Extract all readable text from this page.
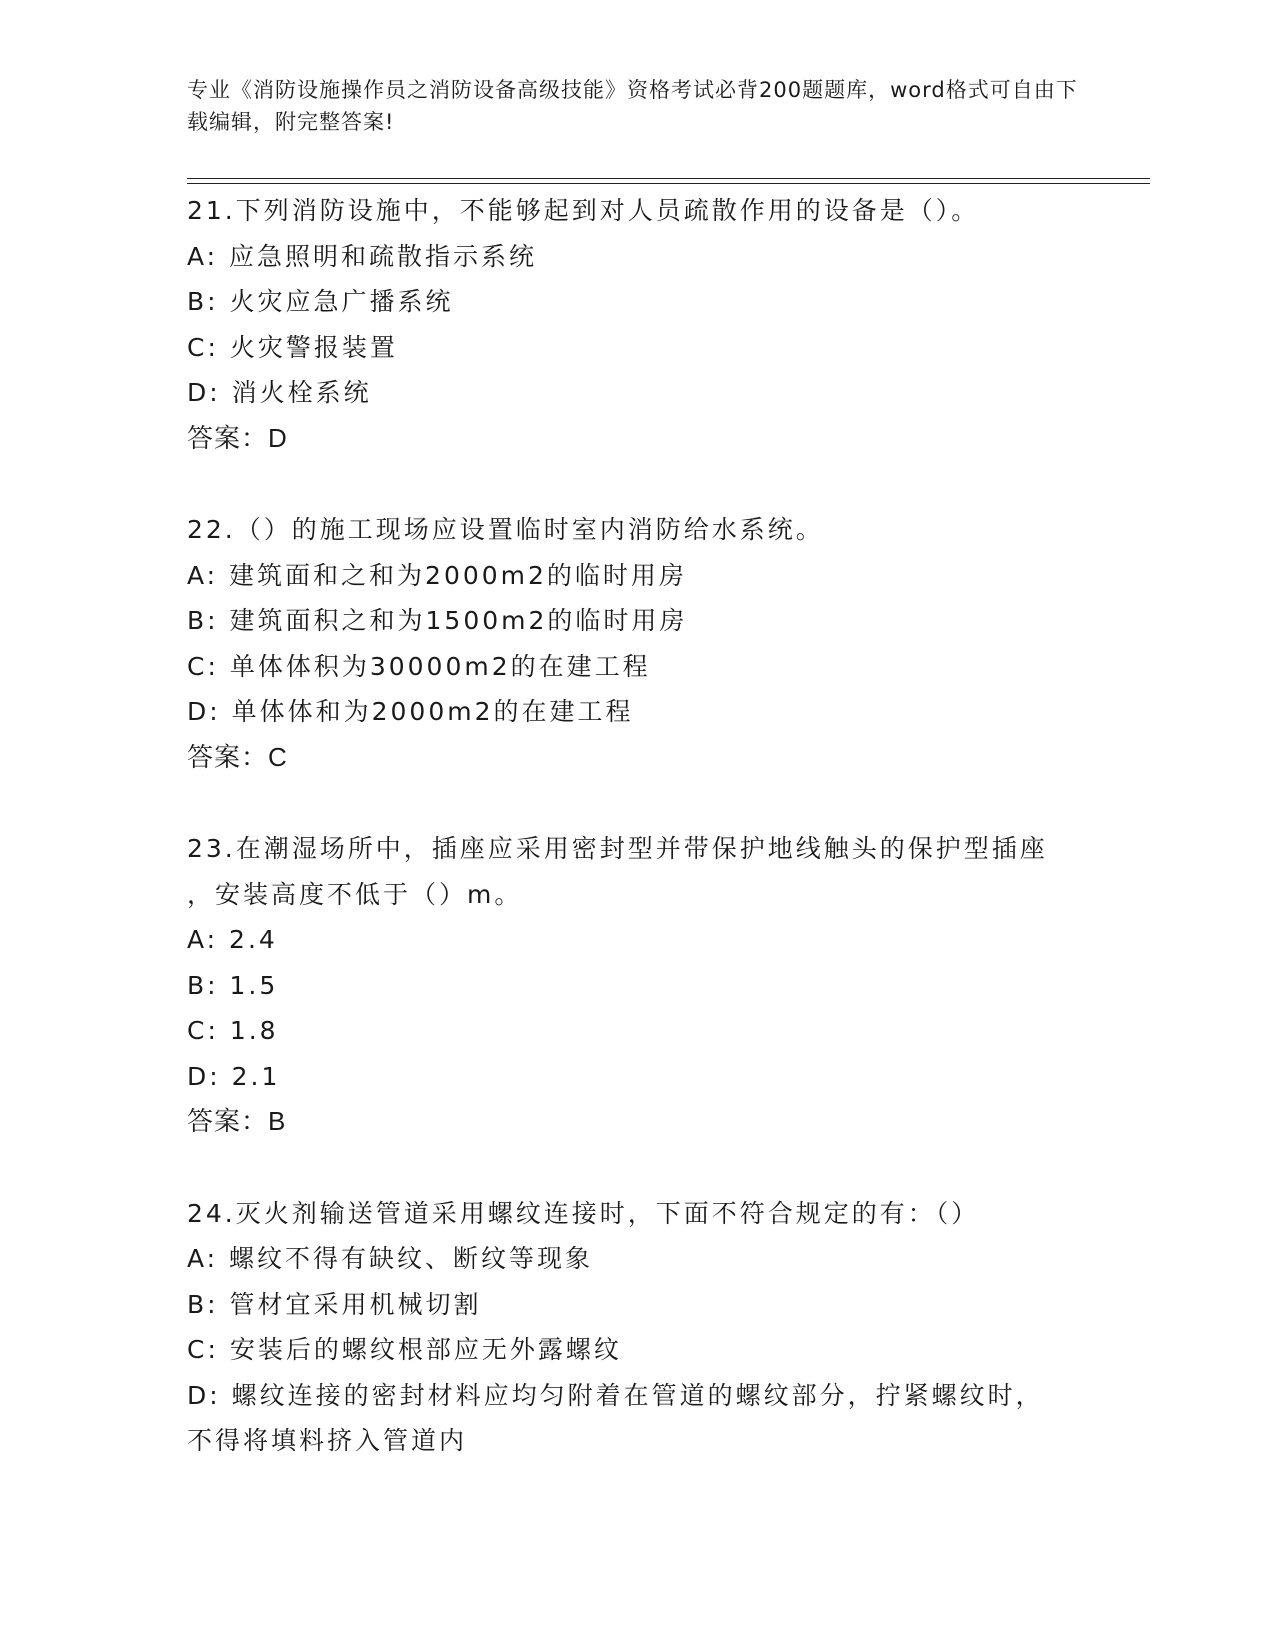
专业《消防设施操作员之消防设备高级技能》资格考试必背200题题库，word格式可自由下载编辑，附完整答案!
21.下列消防设施中，不能够起到对人员疏散作用的设备是（）。
A: 应急照明和疏散指示系统
B: 火灾应急广播系统
C: 火灾警报装置
D: 消火栓系统
答案：D
22.（）的施工现场应设置临时室内消防给水系统。
A: 建筑面和之和为2000m2的临时用房
B: 建筑面积之和为1500m2的临时用房
C: 单体体积为30000m2的在建工程
D: 单体体和为2000m2的在建工程
答案：C
23.在潮湿场所中，插座应采用密封型并带保护地线触头的保护型插座
，安装高度不低于（）m。
A: 2.4
B: 1.5
C: 1.8
D: 2.1
答案：B
24.灭火剂输送管道采用螺纹连接时，下面不符合规定的有：（）
A: 螺纹不得有缺纹、断纹等现象
B: 管材宜采用机械切割
C: 安装后的螺纹根部应无外露螺纹
D: 螺纹连接的密封材料应均匀附着在管道的螺纹部分，拧紧螺纹时，
不得将填料挤入管道内
